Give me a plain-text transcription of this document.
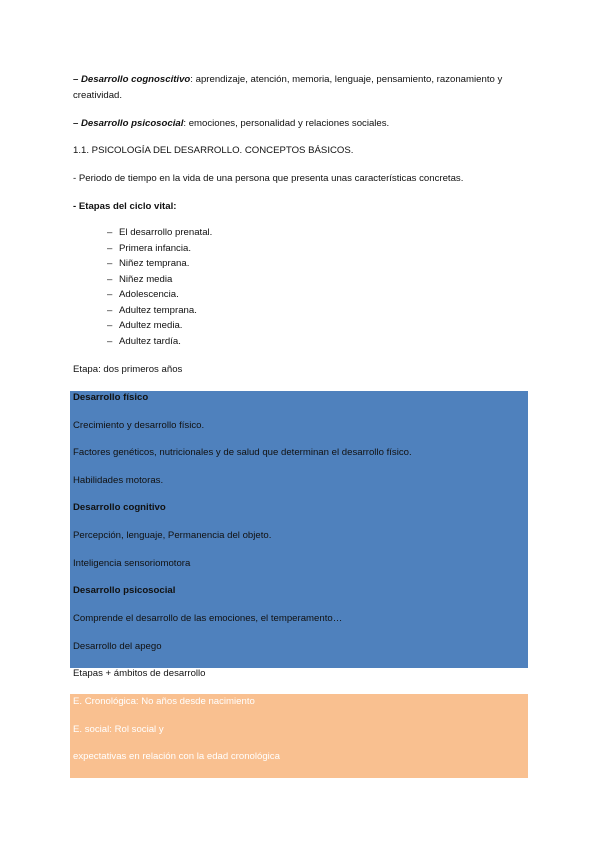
– Desarrollo cognoscitivo: aprendizaje, atención, memoria, lenguaje, pensamiento, razonamiento y
creatividad.
– Desarrollo psicosocial: emociones, personalidad y relaciones sociales.
1.1. PSICOLOGÍA DEL DESARROLLO. CONCEPTOS BÁSICOS.
- Periodo de tiempo en la vida de una persona que presenta unas características concretas.
- Etapas del ciclo vital:
– El desarrollo prenatal.
– Primera infancia.
– Niñez temprana.
– Niñez media
– Adolescencia.
– Adultez temprana.
– Adultez media.
– Adultez tardía.
Etapa: dos primeros años
Desarrollo físico
Crecimiento y desarrollo físico.
Factores genéticos, nutricionales y de salud que determinan el desarrollo físico.
Habilidades motoras.
Desarrollo cognitivo
Percepción, lenguaje, Permanencia del objeto.
Inteligencia sensoriomotora
Desarrollo psicosocial
Comprende el desarrollo de las emociones, el temperamento…
Desarrollo del apego
Etapas + ámbitos de desarrollo
E. Cronológica: No años desde nacimiento
E. social: Rol social y
expectativas en relación con la edad cronológica
